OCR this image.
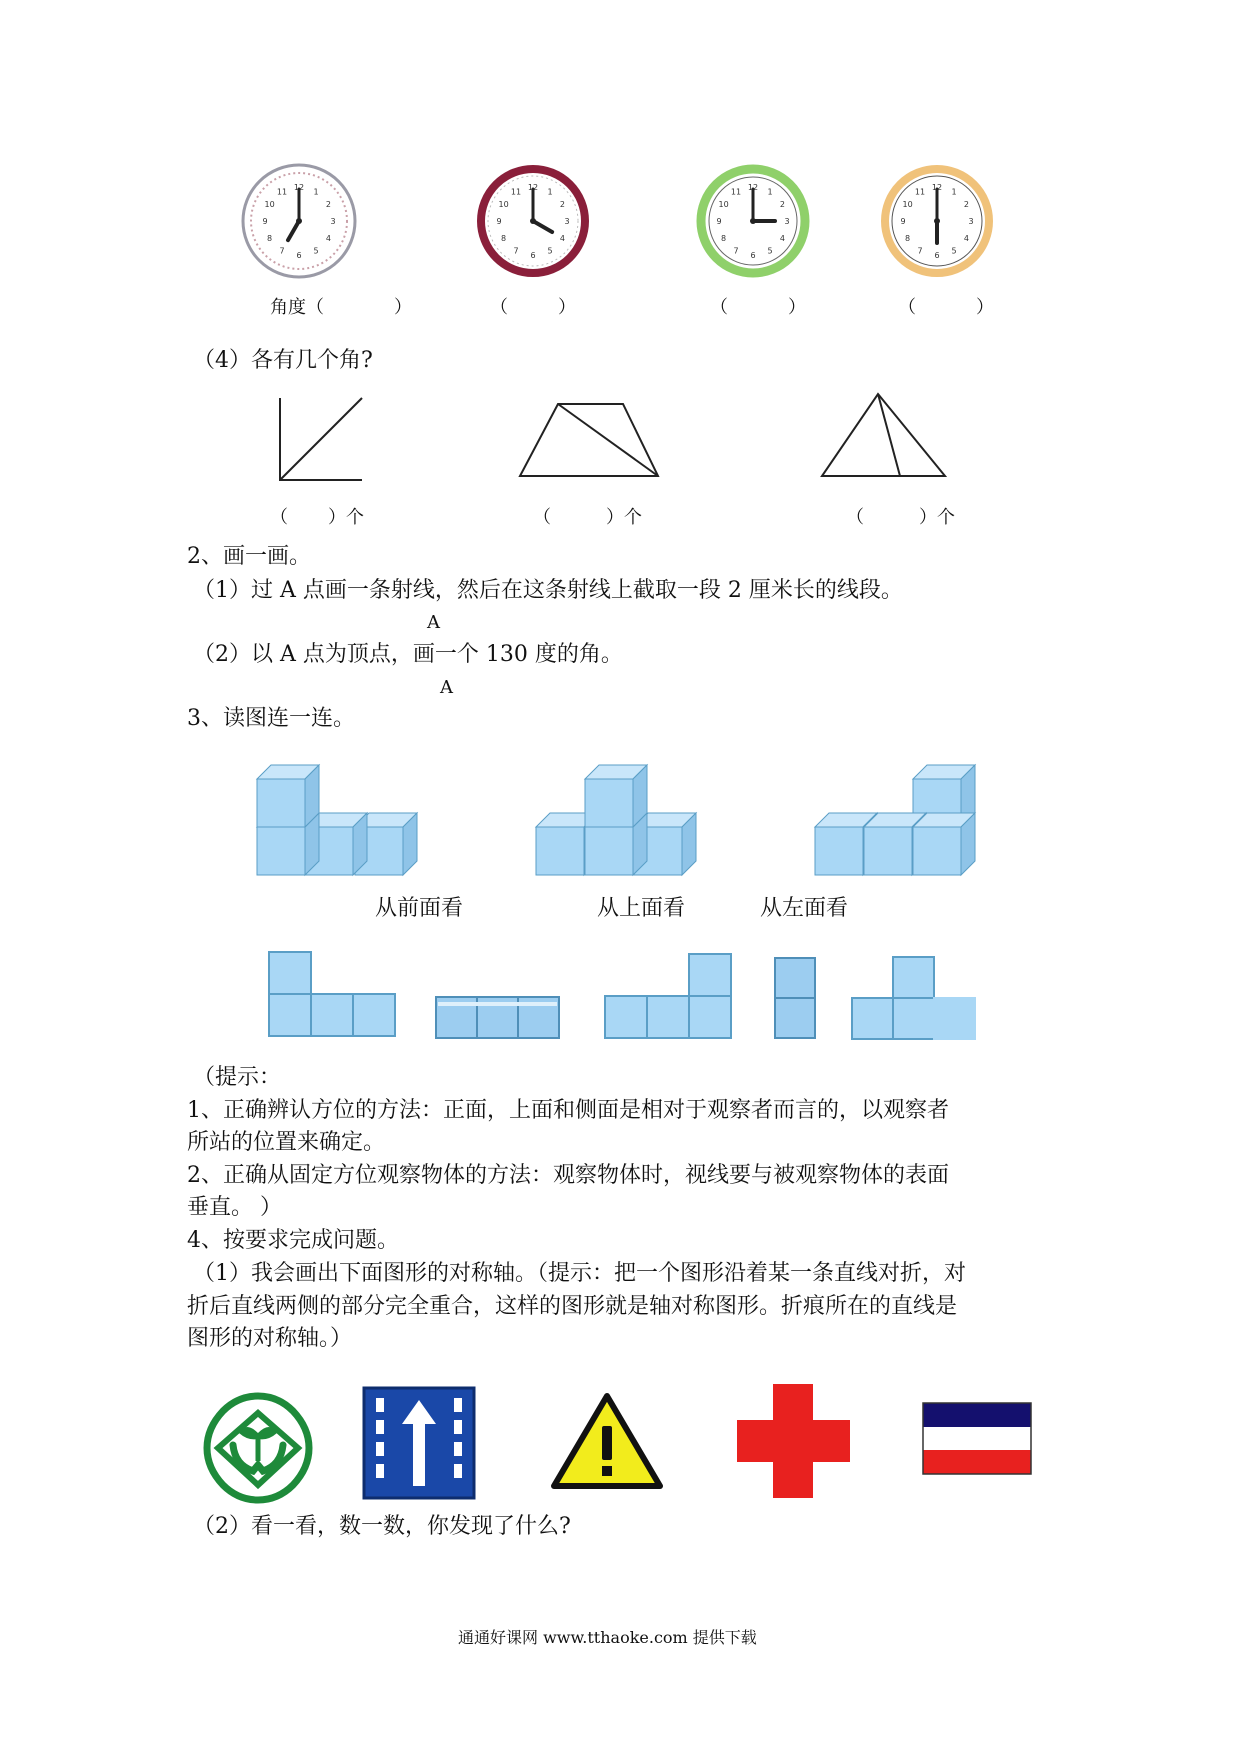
1
2
3
4
5
6
7
8
9
10
11
12
1
2
3
4
5
6
7
8
9
10
11
12
1
2
3
4
5
6
7
8
9
10
11
12
1
2
3
4
5
6
7
8
9
10
11
12
角度（	）	（	）	（	）	（	）
（4）各有几个角?
（ ）个	（	）个	（	）个
2、画一画。
（1）过 A 点画一条射线，然后在这条射线上截取一段 2 厘米长的线段。
A
（2）以 A 点为顶点，画一个 130 度的角。
A
3、读图连一连。
从前面看	从上面看	从左面看
（提示：
1、正确辨认方位的方法：正面，上面和侧面是相对于观察者而言的，以观察者
所站的位置来确定。
2、正确从固定方位观察物体的方法：观察物体时，视线要与被观察物体的表面
垂直。 ）
4、按要求完成问题。
（1）我会画出下面图形的对称轴。（提示：把一个图形沿着某一条直线对折，对
折后直线两侧的部分完全重合，这样的图形就是轴对称图形。折痕所在的直线是
图形的对称轴。）
（2）看一看，数一数，你发现了什么?
通通好课网 www.tthaoke.com 提供下载
